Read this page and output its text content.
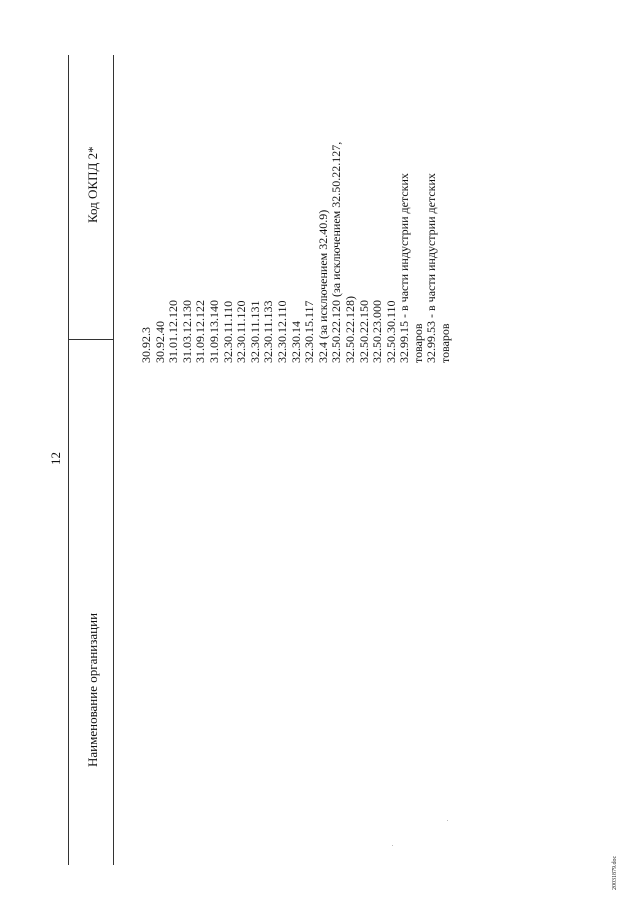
12
Наименование организации
Код ОКПД 2*
30.92.3 30.92.40 31.01.12.120 31.03.12.130 31.09.12.122 31.09.13.140 32.30.11.110 32.30.11.120 32.30.11.131 32.30.11.133 32.30.12.110 32.30.14 32.30.15.117 32.4 (за исключением 32.40.9) 32.50.22.120 (за исключением 32.50.22.127, 32.50.22.128) 32.50.22.150 32.50.23.000 32.50.30.110 32.99.15 - в части индустрии детских товаров 32.99.53 - в части индустрии детских товаров
20031879.doc
